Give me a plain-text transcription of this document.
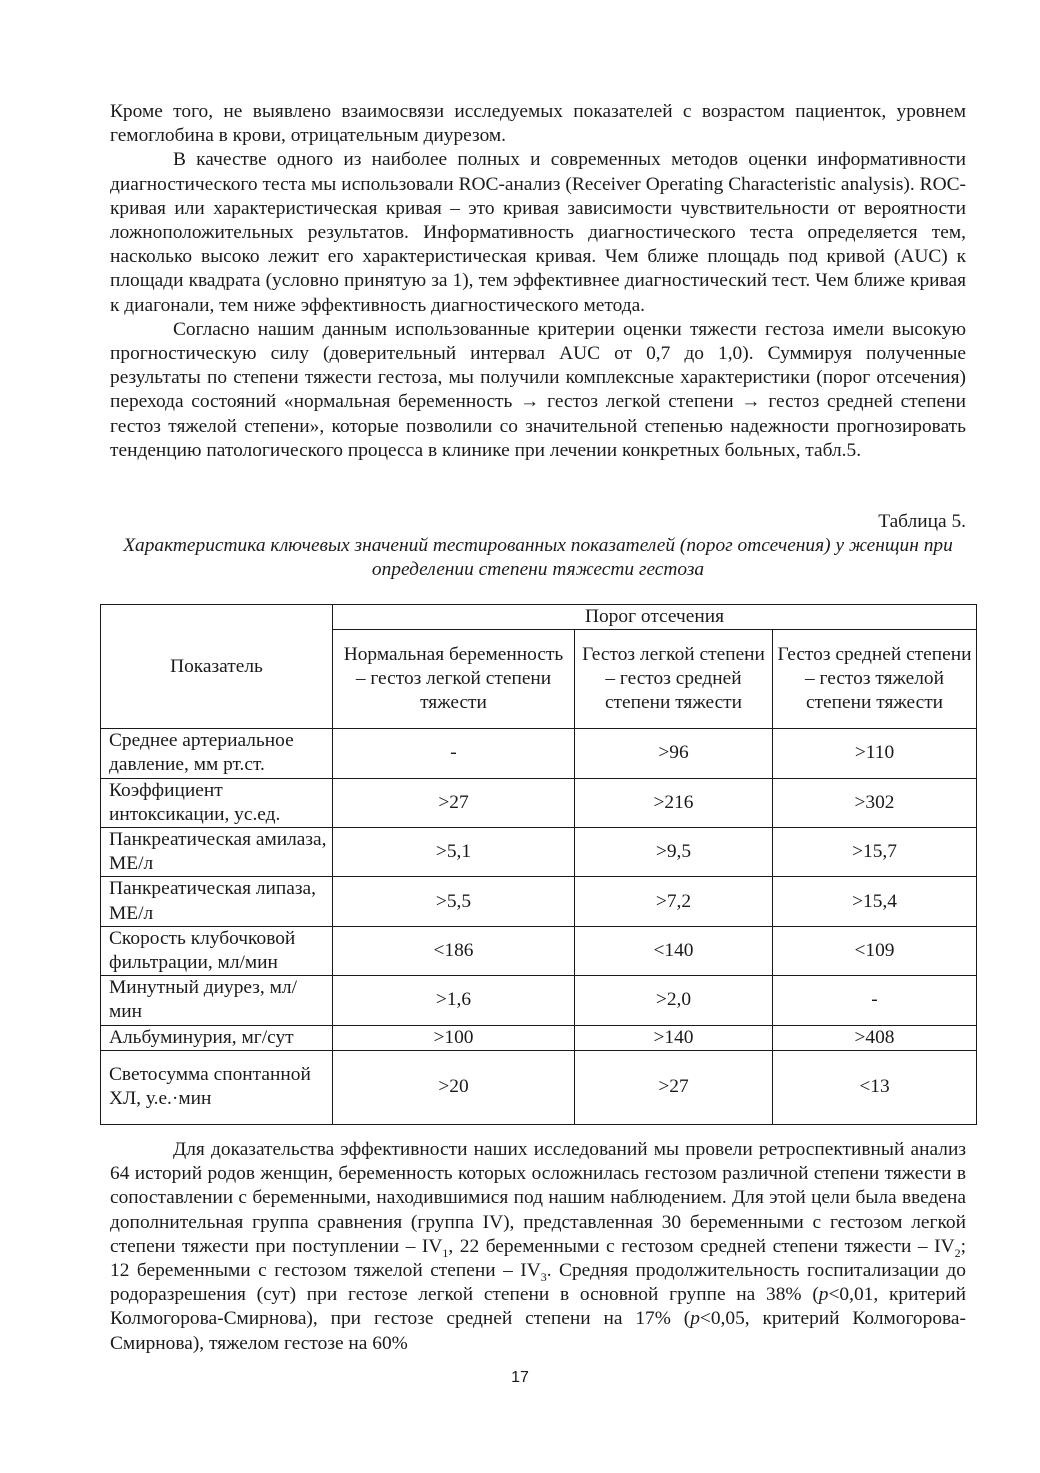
Кроме того, не выявлено взаимосвязи исследуемых показателей с возрастом пациенток, уровнем гемоглобина в крови, отрицательным диурезом.

В качестве одного из наиболее полных и современных методов оценки информативности диагностического теста мы использовали ROC-анализ (Receiver Operating Characteristic analysis). ROC-кривая или характеристическая кривая – это кривая зависимости чувствительности от вероятности ложноположительных результатов. Информативность диагностического теста определяется тем, насколько высоко лежит его характеристическая кривая. Чем ближе площадь под кривой (AUC) к площади квадрата (условно принятую за 1), тем эффективнее диагностический тест. Чем ближе кривая к диагонали, тем ниже эффективность диагностического метода.

Согласно нашим данным использованные критерии оценки тяжести гестоза имели высокую прогностическую силу (доверительный интервал AUC от 0,7 до 1,0). Суммируя полученные результаты по степени тяжести гестоза, мы получили комплексные характеристики (порог отсечения) перехода состояний «нормальная беременность → гестоз легкой степени → гестоз средней степени гестоз тяжелой степени», которые позволили со значительной степенью надежности прогнозировать тенденцию патологического процесса в клинике при лечении конкретных больных, табл.5.

Таблица 5.
Характеристика ключевых значений тестированных показателей (порог отсечения) у женщин при определении степени тяжести гестоза
Показатель	Порог отсечения		
	Нормальная беременность – гестоз легкой степени тяжести	Гестоз легкой степени – гестоз средней степени тяжести	Гестоз средней степени – гестоз тяжелой степени тяжести
Среднее артериальное давление, мм рт.ст.	-	>96	>110
Коэффициент интоксикации, ус.ед.	>27	>216	>302
Панкреатическая амилаза, МЕ/л	>5,1	>9,5	>15,7
Панкреатическая липаза, МЕ/л	>5,5	>7,2	>15,4
Скорость клубочковой фильтрации, мл/мин	<186	<140	<109
Минутный диурез, мл/мин	>1,6	>2,0	-
Альбуминурия, мг/сут	>100	>140	>408
Светосумма спонтанной ХЛ, у.е.·мин	>20	>27	<13

Для доказательства эффективности наших исследований мы провели ретроспективный анализ 64 историй родов женщин, беременность которых осложнилась гестозом различной степени тяжести в сопоставлении с беременными, находившимися под нашим наблюдением. Для этой цели была введена дополнительная группа сравнения (группа IV), представленная 30 беременными с гестозом легкой степени тяжести при поступлении – $IV_1$, 22 беременными с гестозом средней степени тяжести – $IV_2$; 12 беременными с гестозом тяжелой степени – $IV_3$. Средняя продолжительность госпитализации до родоразрешения (сут) при гестозе легкой степени в основной группе на 38% (p<0,01, критерий Колмогорова-Смирнова), при гестозе средней степени на 17% (p<0,05, критерий Колмогорова-Смирнова), тяжелом гестозе на 60%

17
